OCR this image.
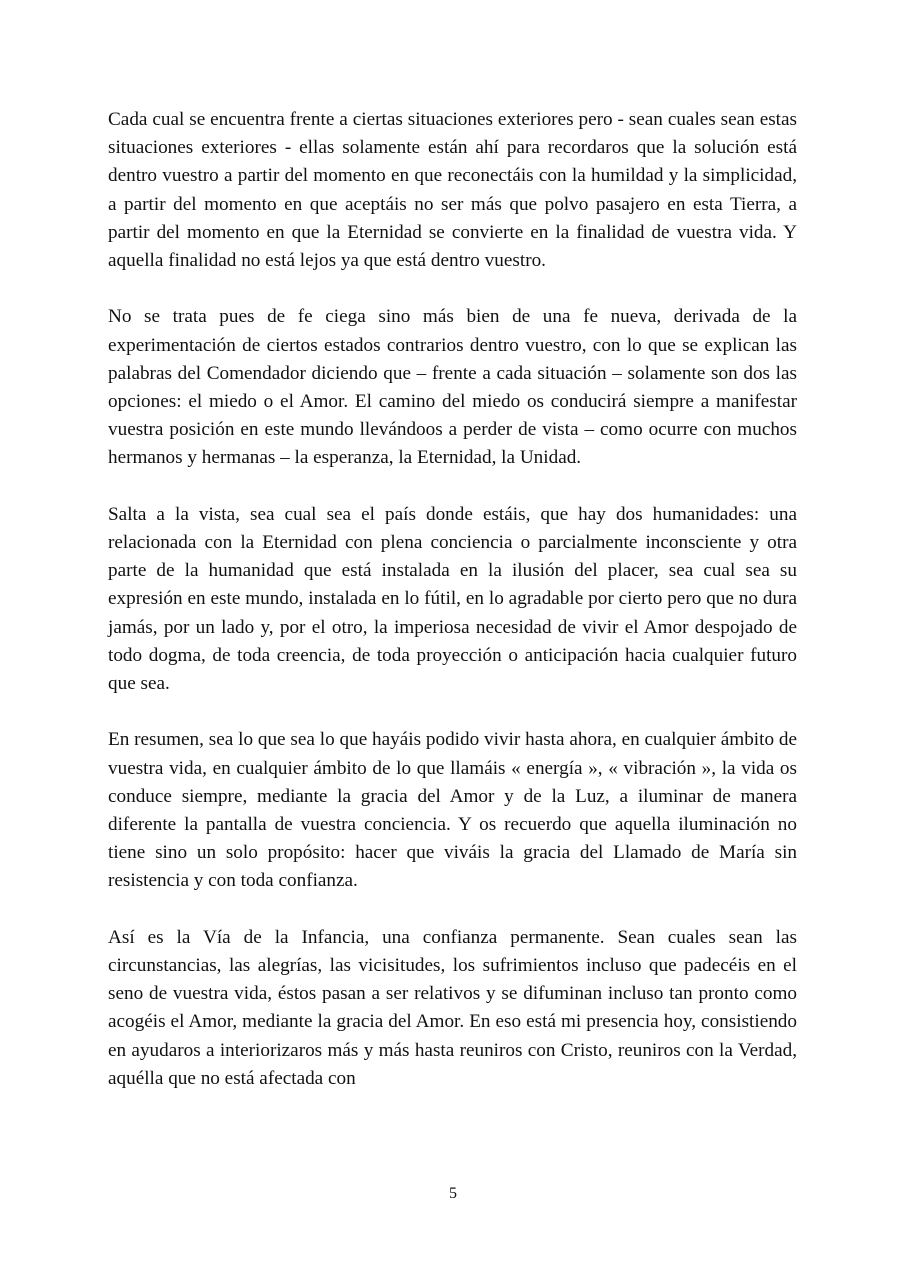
Cada cual se encuentra frente a ciertas situaciones exteriores pero - sean cuales sean estas situaciones exteriores - ellas solamente están ahí para recordaros que la solución está dentro vuestro a partir del momento en que reconectáis con la humildad y la simplicidad, a partir del momento en que aceptáis no ser más que polvo pasajero en esta Tierra, a partir del momento en que la Eternidad se convierte en la finalidad de vuestra vida. Y aquella finalidad no está lejos ya que está dentro vuestro.

No se trata pues de fe ciega sino más bien de una fe nueva, derivada de la experimentación de ciertos estados contrarios dentro vuestro, con lo que se explican las palabras del Comendador diciendo que – frente a cada situación – solamente son dos las opciones: el miedo o el Amor. El camino del miedo os conducirá siempre a manifestar vuestra posición en este mundo llevándoos a perder de vista – como ocurre con muchos hermanos y hermanas – la esperanza, la Eternidad, la Unidad.

Salta a la vista, sea cual sea el país donde estáis, que hay dos humanidades: una relacionada con la Eternidad con plena conciencia o parcialmente inconsciente y otra parte de la humanidad que está instalada en la ilusión del placer, sea cual sea su expresión en este mundo, instalada en lo fútil, en lo agradable por cierto pero que no dura jamás, por un lado y, por el otro, la imperiosa necesidad de vivir el Amor despojado de todo dogma, de toda creencia, de toda proyección o anticipación hacia cualquier futuro que sea.

En resumen, sea lo que sea lo que hayáis podido vivir hasta ahora, en cualquier ámbito de vuestra vida, en cualquier ámbito de lo que llamáis « energía », « vibración », la vida os conduce siempre, mediante la gracia del Amor y de la Luz, a iluminar de manera diferente la pantalla de vuestra conciencia. Y os recuerdo que aquella iluminación no tiene sino un solo propósito: hacer que viváis la gracia del Llamado de María sin resistencia y con toda confianza.

Así es la Vía de la Infancia, una confianza permanente. Sean cuales sean las circunstancias, las alegrías, las vicisitudes, los sufrimientos incluso que padecéis en el seno de vuestra vida, éstos pasan a ser relativos y se difuminan incluso tan pronto como acogéis el Amor, mediante la gracia del Amor. En eso está mi presencia hoy, consistiendo en ayudaros a interiorizaros más y más hasta reuniros con Cristo, reuniros con la Verdad, aquélla que no está afectada con

5
